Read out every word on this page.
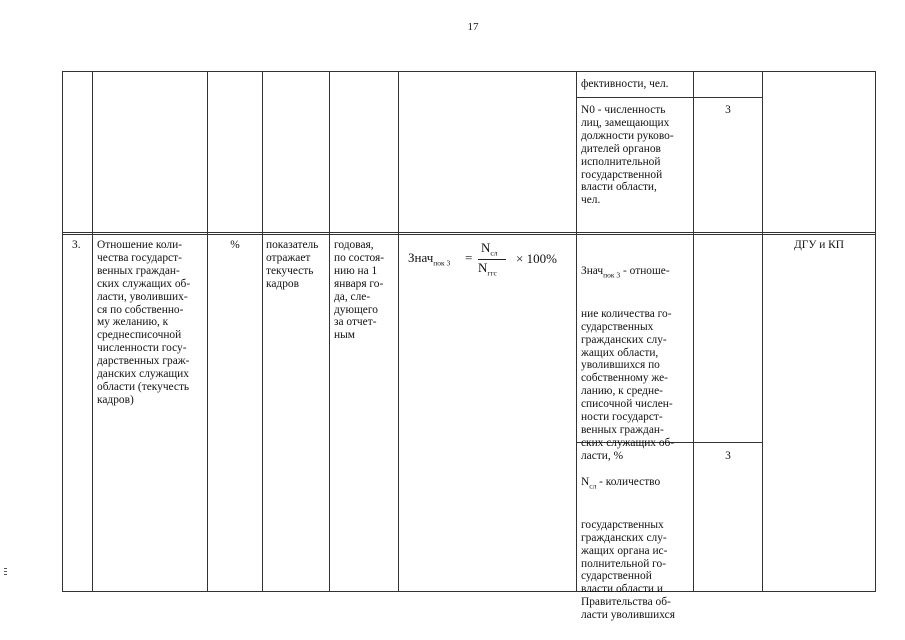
17
фективности, чел.
N0 - численность
лиц, замещающих
должности руково-
дителей органов
исполнительной
государственной
власти области,
чел.
3
3. Отношение коли-
чества государст-
венных граждан-
ских служащих об-
ласти, уволивших-
ся по собственно-
му желанию, к
среднесписочной
численности госу-
дарственных граж-
данских служащих
области (текучесть
кадров)
%	показатель
отражает
текучесть
кадров
годовая,
по состоя-
нию на 1
января го-
да, сле-
дующего
за отчет-
ным
Знач$_{пок 3}$ =
$N_{сл}$
$N_{ггс}$
× 100%

Знач$_{пок 3}$ - отноше-

ние количества го-
сударственных
гражданских слу-
жащих области,
уволившихся по
собственному же-
ланию, к средне-
списочной числен-
ности государст-
венных граждан-
ских служащих об-
ласти, %

$N_{сл}$ - количество

государственных
гражданских слу-
жащих органа ис-
полнительной го-
сударственной
власти области и
Правительства об-
ласти уволившихся

3
ДГУ и КП
